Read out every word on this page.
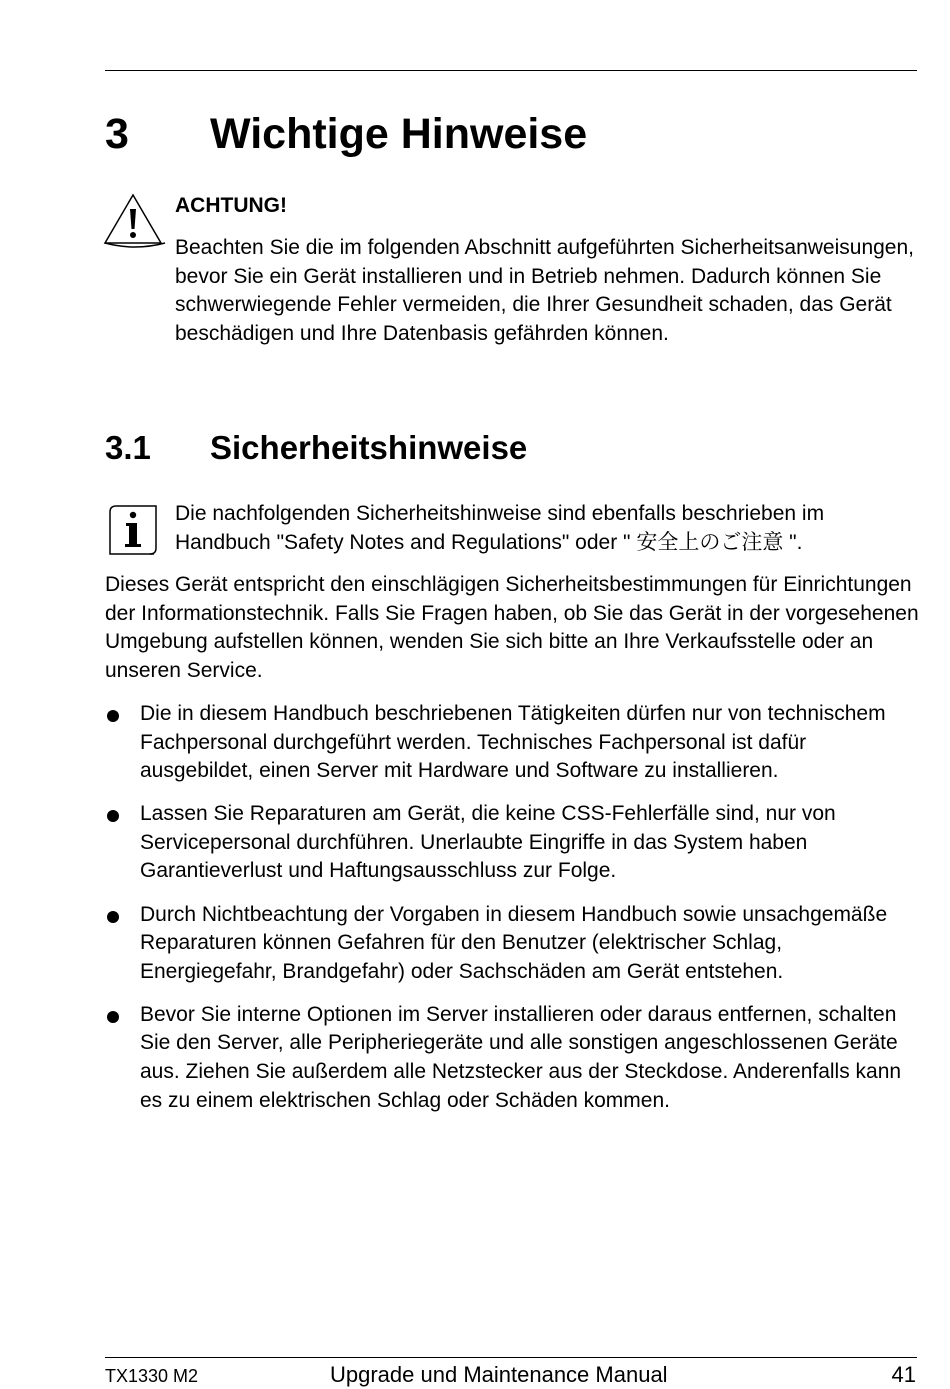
3 Wichtige Hinweise
ACHTUNG!
Beachten Sie die im folgenden Abschnitt aufgeführten Sicherheitsanweisungen, bevor Sie ein Gerät installieren und in Betrieb nehmen. Dadurch können Sie schwerwiegende Fehler vermeiden, die Ihrer Gesundheit schaden, das Gerät beschädigen und Ihre Datenbasis gefährden können.
3.1 Sicherheitshinweise
Die nachfolgenden Sicherheitshinweise sind ebenfalls beschrieben im Handbuch "Safety Notes and Regulations" oder " 安全上のご注意 ".
Dieses Gerät entspricht den einschlägigen Sicherheitsbestimmungen für Einrichtungen der Informationstechnik. Falls Sie Fragen haben, ob Sie das Gerät in der vorgesehenen Umgebung aufstellen können, wenden Sie sich bitte an Ihre Verkaufsstelle oder an unseren Service.
Die in diesem Handbuch beschriebenen Tätigkeiten dürfen nur von technischem Fachpersonal durchgeführt werden. Technisches Fachpersonal ist dafür ausgebildet, einen Server mit Hardware und Software zu installieren.
Lassen Sie Reparaturen am Gerät, die keine CSS-Fehlerfälle sind, nur von Servicepersonal durchführen. Unerlaubte Eingriffe in das System haben Garantieverlust und Haftungsausschluss zur Folge.
Durch Nichtbeachtung der Vorgaben in diesem Handbuch sowie unsachgemäße Reparaturen können Gefahren für den Benutzer (elektrischer Schlag, Energiegefahr, Brandgefahr) oder Sachschäden am Gerät entstehen.
Bevor Sie interne Optionen im Server installieren oder daraus entfernen, schalten Sie den Server, alle Peripheriegeräte und alle sonstigen angeschlossenen Geräte aus. Ziehen Sie außerdem alle Netzstecker aus der Steckdose. Anderenfalls kann es zu einem elektrischen Schlag oder Schäden kommen.
TX1330 M2	Upgrade und Maintenance Manual	41
